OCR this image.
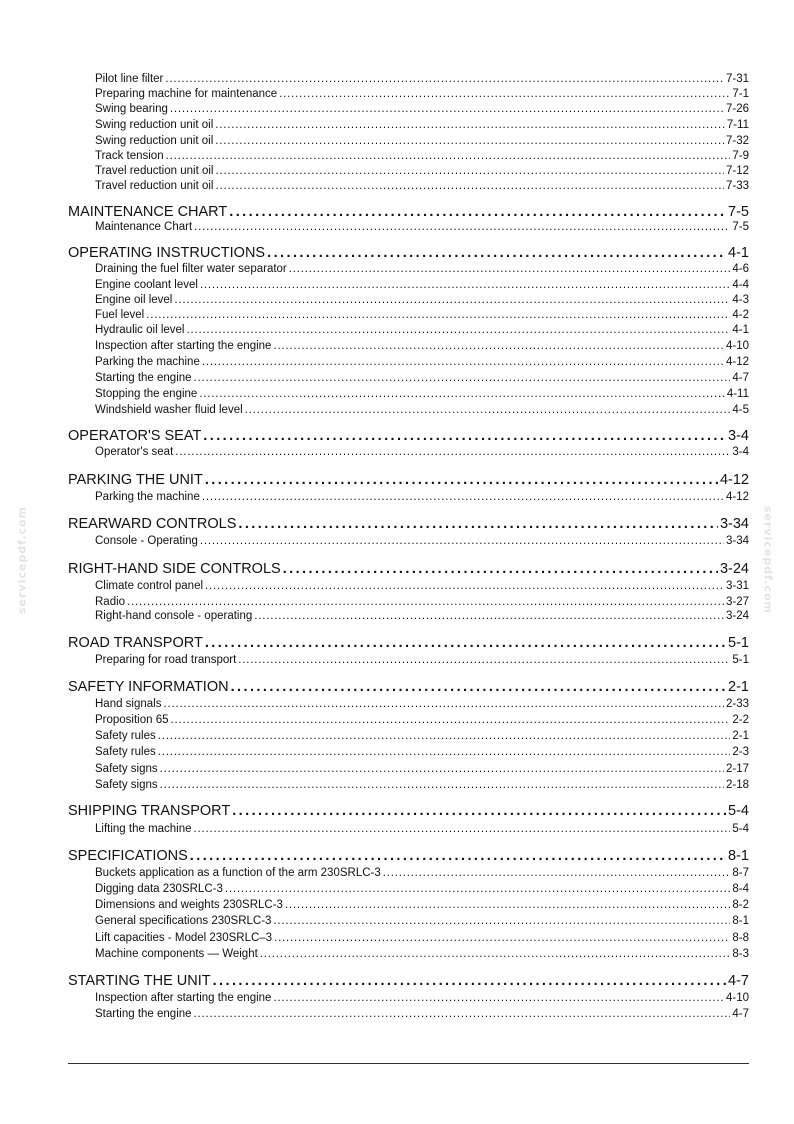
Pilot line filter . . .	7-31
Preparing machine for maintenance . . .	7-1
Swing bearing . . .	7-26
Swing reduction unit oil . . .	7-11
Swing reduction unit oil . . .	7-32
Track tension . . .	7-9
Travel reduction unit oil . . .	7-12
Travel reduction unit oil . . .	7-33
MAINTENANCE CHART . . .	7-5
Maintenance Chart . . .	7-5
OPERATING INSTRUCTIONS . . .	4-1
Draining the fuel filter water separator . . .	4-6
Engine coolant level . . .	4-4
Engine oil level . . .	4-3
Fuel level . . .	4-2
Hydraulic oil level . . .	4-1
Inspection after starting the engine . . .	4-10
Parking the machine . . .	4-12
Starting the engine . . .	4-7
Stopping the engine . . .	4-11
Windshield washer fluid level . . .	4-5
OPERATOR'S SEAT . . .	3-4
Operator's seat . . .	3-4
PARKING THE UNIT . . .	4-12
Parking the machine . . .	4-12
REARWARD CONTROLS . . .	3-34
Console - Operating . . .	3-34
RIGHT-HAND SIDE CONTROLS . . .	3-24
Climate control panel . . .	3-31
Radio . . .	3-27
Right-hand console - operating . . .	3-24
ROAD TRANSPORT . . .	5-1
Preparing for road transport . . .	5-1
SAFETY INFORMATION . . .	2-1
Hand signals . . .	2-33
Proposition 65 . . .	2-2
Safety rules . . .	2-1
Safety rules . . .	2-3
Safety signs . . .	2-17
Safety signs . . .	2-18
SHIPPING TRANSPORT . . .	5-4
Lifting the machine . . .	5-4
SPECIFICATIONS . . .	8-1
Buckets application as a function of the arm 230SRLC-3 . . .	8-7
Digging data 230SRLC-3 . . .	8-4
Dimensions and weights 230SRLC-3 . . .	8-2
General specifications 230SRLC-3 . . .	8-1
Lift capacities - Model 230SRLC–3 . . .	8-8
Machine components — Weight . . .	8-3
STARTING THE UNIT . . .	4-7
Inspection after starting the engine . . .	4-10
Starting the engine . . .	4-7
servicepdf.com	servicepdf.com
